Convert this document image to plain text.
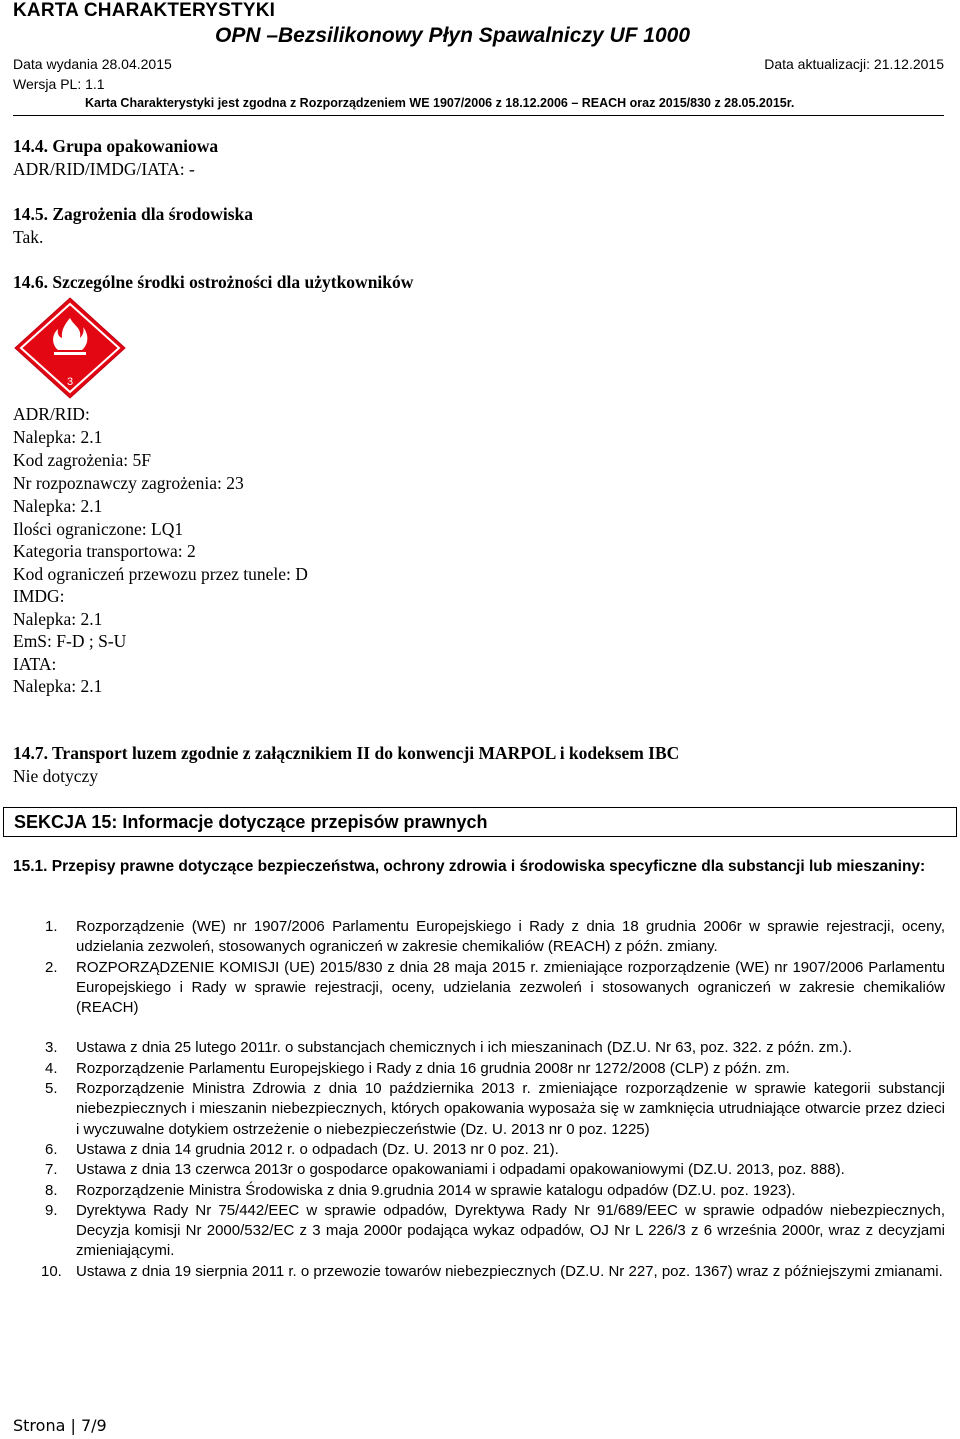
KARTA CHARAKTERYSTYKI
OPN –Bezsilikonowy Płyn Spawalniczy UF 1000
Data wydania 28.04.2015	Data aktualizacji: 21.12.2015
Wersja PL: 1.1
Karta Charakterystyki jest zgodna z Rozporządzeniem WE 1907/2006 z 18.12.2006 – REACH oraz 2015/830 z 28.05.2015r.
14.4. Grupa opakowaniowa
ADR/RID/IMDG/IATA: -
14.5. Zagrożenia dla środowiska
Tak.
14.6. Szczególne środki ostrożności dla użytkowników
3
ADR/RID:
Nalepka: 2.1
Kod zagrożenia: 5F
Nr rozpoznawczy zagrożenia: 23
Nalepka: 2.1
Ilości ograniczone: LQ1
Kategoria transportowa: 2
Kod ograniczeń przewozu przez tunele: D
IMDG:
Nalepka: 2.1
EmS: F-D ; S-U
IATA:
Nalepka: 2.1
14.7. Transport luzem zgodnie z załącznikiem II do konwencji MARPOL i kodeksem IBC
Nie dotyczy
SEKCJA 15: Informacje dotyczące przepisów prawnych
15.1. Przepisy prawne dotyczące bezpieczeństwa, ochrony zdrowia i środowiska specyficzne dla substancji lub mieszaniny:
1. Rozporządzenie (WE) nr 1907/2006 Parlamentu Europejskiego i Rady z dnia 18 grudnia 2006r w sprawie rejestracji, oceny, udzielania zezwoleń, stosowanych ograniczeń w zakresie chemikaliów (REACH) z późn. zmiany.
2. ROZPORZĄDZENIE KOMISJI (UE) 2015/830 z dnia 28 maja 2015 r. zmieniające rozporządzenie (WE) nr 1907/2006 Parlamentu Europejskiego i Rady w sprawie rejestracji, oceny, udzielania zezwoleń i stosowanych ograniczeń w zakresie chemikaliów (REACH)
3. Ustawa z dnia 25 lutego 2011r. o substancjach chemicznych i ich mieszaninach (DZ.U. Nr 63, poz. 322. z późn. zm.).
4. Rozporządzenie Parlamentu Europejskiego i Rady z dnia 16 grudnia 2008r nr 1272/2008 (CLP) z późn. zm.
5. Rozporządzenie Ministra Zdrowia z dnia 10 października 2013 r. zmieniające rozporządzenie w sprawie kategorii substancji niebezpiecznych i mieszanin niebezpiecznych, których opakowania wyposaża się w zamknięcia utrudniające otwarcie przez dzieci i wyczuwalne dotykiem ostrzeżenie o niebezpieczeństwie (Dz. U. 2013 nr 0 poz. 1225)
6. Ustawa z dnia 14 grudnia 2012 r. o odpadach (Dz. U. 2013 nr 0 poz. 21).
7. Ustawa z dnia 13 czerwca 2013r o gospodarce opakowaniami i odpadami opakowaniowymi (DZ.U. 2013, poz. 888).
8. Rozporządzenie Ministra Środowiska z dnia 9.grudnia 2014 w sprawie katalogu odpadów (DZ.U. poz. 1923).
9. Dyrektywa Rady Nr 75/442/EEC w sprawie odpadów, Dyrektywa Rady Nr 91/689/EEC w sprawie odpadów niebezpiecznych, Decyzja komisji Nr 2000/532/EC z 3 maja 2000r podająca wykaz odpadów, OJ Nr L 226/3 z 6 września 2000r, wraz z decyzjami zmieniającymi.
10. Ustawa z dnia 19 sierpnia 2011 r. o przewozie towarów niebezpiecznych (DZ.U. Nr 227, poz. 1367) wraz z późniejszymi zmianami.
Strona | 7/9
